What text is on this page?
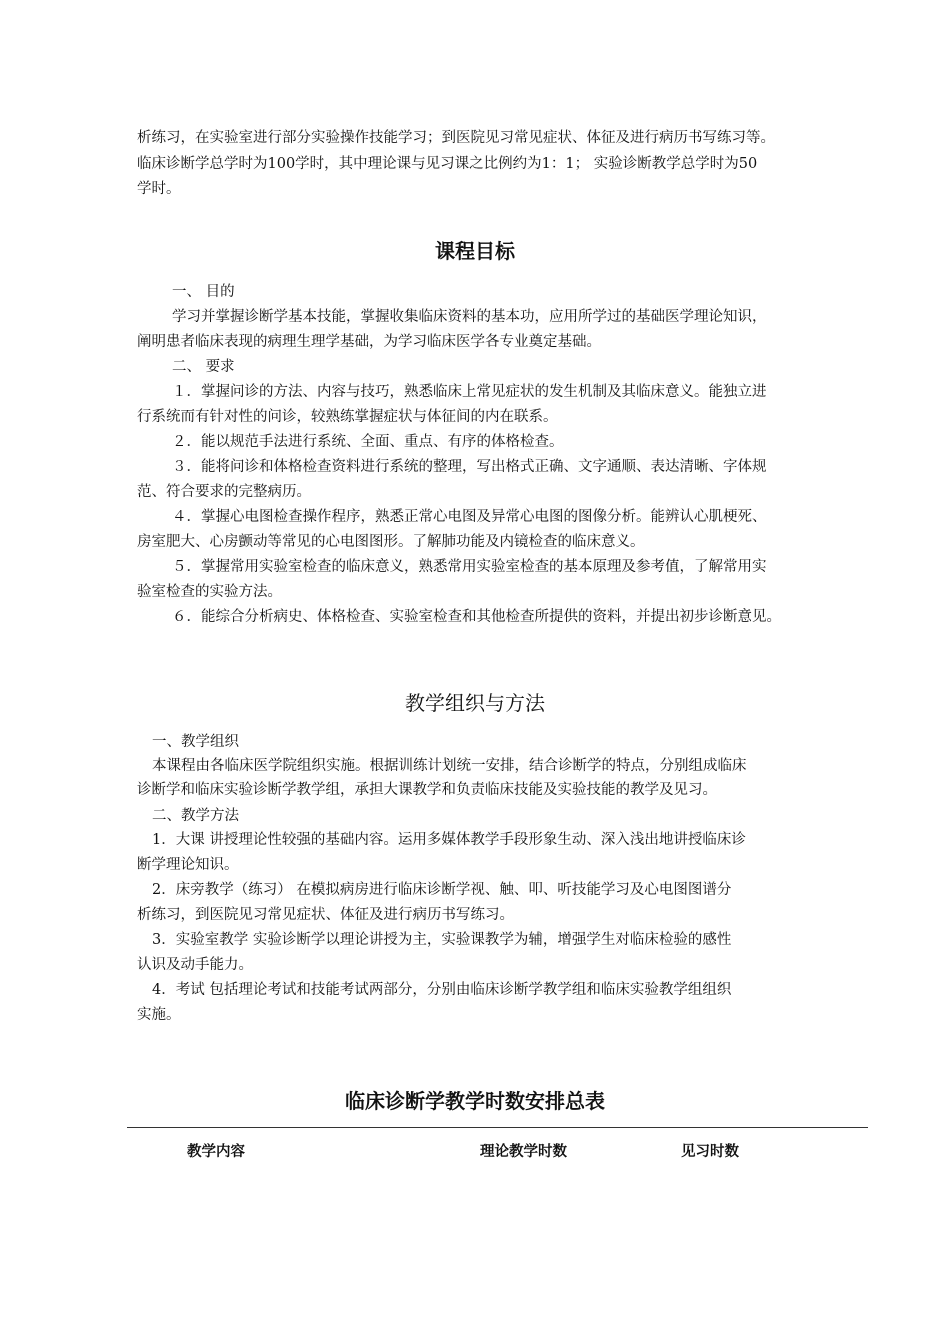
析练习，在实验室进行部分实验操作技能学习；到医院见习常见症状、体征及进行病历书写练习等。
临床诊断学总学时为100学时，其中理论课与见习课之比例约为1：1； 实验诊断教学总学时为50
学时。
课程目标
一、 目的
学习并掌握诊断学基本技能，掌握收集临床资料的基本功，应用所学过的基础医学理论知识，
阐明患者临床表现的病理生理学基础，为学习临床医学各专业奠定基础。
二、 要求
１．掌握问诊的方法、内容与技巧，熟悉临床上常见症状的发生机制及其临床意义。能独立进
行系统而有针对性的问诊，较熟练掌握症状与体征间的内在联系。
２．能以规范手法进行系统、全面、重点、有序的体格检查。
３．能将问诊和体格检查资料进行系统的整理，写出格式正确、文字通顺、表达清晰、字体规
范、符合要求的完整病历。
４．掌握心电图检查操作程序，熟悉正常心电图及异常心电图的图像分析。能辨认心肌梗死、
房室肥大、心房颤动等常见的心电图图形。了解肺功能及内镜检查的临床意义。
５．掌握常用实验室检查的临床意义，熟悉常用实验室检查的基本原理及参考值，了解常用实
验室检查的实验方法。
６．能综合分析病史、体格检查、实验室检查和其他检查所提供的资料，并提出初步诊断意见。
教学组织与方法
一、教学组织
本课程由各临床医学院组织实施。根据训练计划统一安排，结合诊断学的特点，分别组成临床
诊断学和临床实验诊断学教学组，承担大课教学和负责临床技能及实验技能的教学及见习。
二、教学方法
1．大课 讲授理论性较强的基础内容。运用多媒体教学手段形象生动、深入浅出地讲授临床诊
断学理论知识。
2．床旁教学（练习） 在模拟病房进行临床诊断学视、触、叩、听技能学习及心电图图谱分
析练习，到医院见习常见症状、体征及进行病历书写练习。
3．实验室教学 实验诊断学以理论讲授为主，实验课教学为辅，增强学生对临床检验的感性
认识及动手能力。
4．考试 包括理论考试和技能考试两部分，分别由临床诊断学教学组和临床实验教学组组织
实施。
临床诊断学教学时数安排总表
教学内容	理论教学时数	见习时数
